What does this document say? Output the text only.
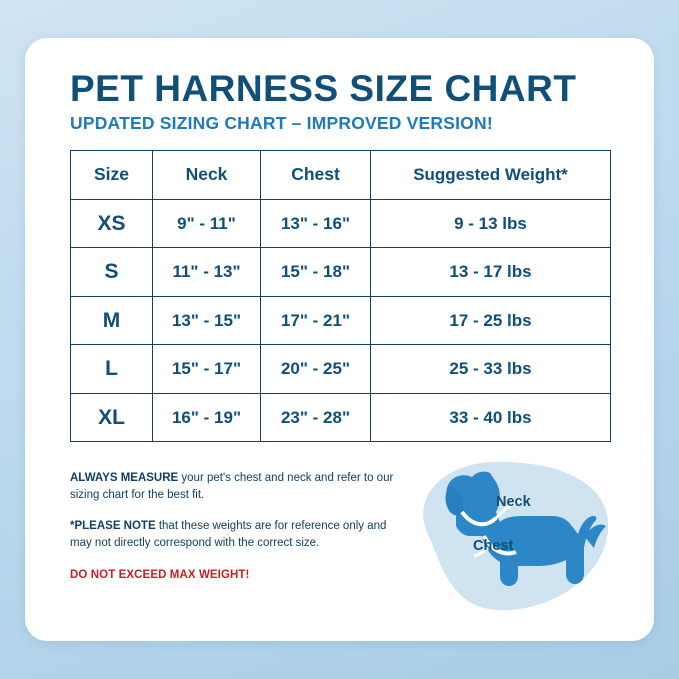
PET HARNESS SIZE CHART
UPDATED SIZING CHART – IMPROVED VERSION!
Size	Neck	Chest	Suggested Weight*
XS	9" - 11"	13" - 16"	9 - 13 lbs
S	11" - 13"	15" - 18"	13 - 17 lbs
M	13" - 15"	17" - 21"	17 - 25 lbs
L	15" - 17"	20" - 25"	25 - 33 lbs
XL	16" - 19"	23" - 28"	33 - 40 lbs

ALWAYS MEASURE your pet's chest and neck and refer to our sizing chart for the best fit.

*PLEASE NOTE that these weights are for reference only and may not directly correspond with the correct size.

DO NOT EXCEED MAX WEIGHT!

Neck
Chest
